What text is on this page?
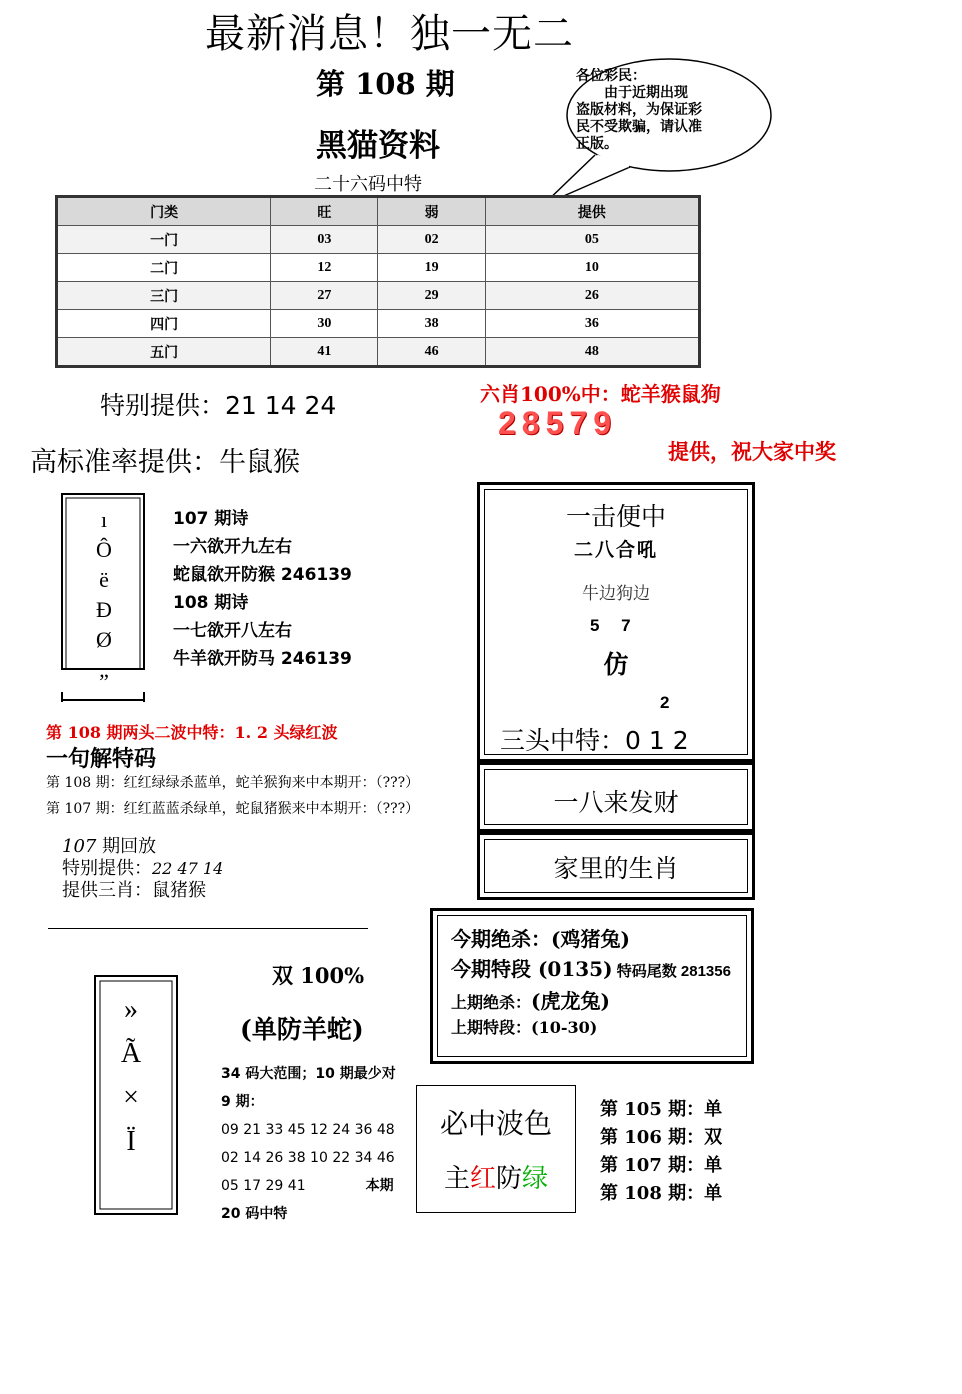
最新消息！独一无二
第 108 期
黑猫资料
二十六码中特
各位彩民：
　　由于近期出现
盗版材料，为保证彩
民不受欺骗，请认准
正版。
门类	旺	弱	提供
一门	03	02	05
二门	12	19	10
三门	27	29	26
四门	30	38	36
五门	41	46	48
特别提供：21 14 24	六肖100%中：蛇羊猴鼠狗
28579
提供，祝大家中奖
高标准率提供：牛鼠猴
ı
Ô
ë
Ð
Ø
„
107 期诗
一六欲开九左右
蛇鼠欲开防猴 246139
108 期诗
一七欲开八左右
牛羊欲开防马 246139
一击便中
二八合吼
牛边狗边
5　 7
仿
2
三头中特：0 1 2
一八来发财
家里的生肖
第 108 期两头二波中特：1. 2 头绿红波
一句解特码
第 108 期：红红绿绿杀蓝单，蛇羊猴狗来中本期开：（???）
第 107 期：红红蓝蓝杀绿单，蛇鼠猪猴来中本期开：（???）
107 期回放
特别提供：22 47 14
提供三肖：鼠猪猴
今期绝杀：(鸡猪兔)
今期特段 (0135) 特码尾数 281356
上期绝杀：(虎龙兔)
上期特段：(10-30)
»
Ã
×
Ï
双 100%
(单防羊蛇)
34 码大范围；10 期最少对
9 期：
09 21 33 45 12 24 36 48
02 14 26 38 10 22 34 46
05 17 29 41	本期
20 码中特
必中波色
主红防绿
第 105 期：单
第 106 期：双
第 107 期：单
第 108 期：单
